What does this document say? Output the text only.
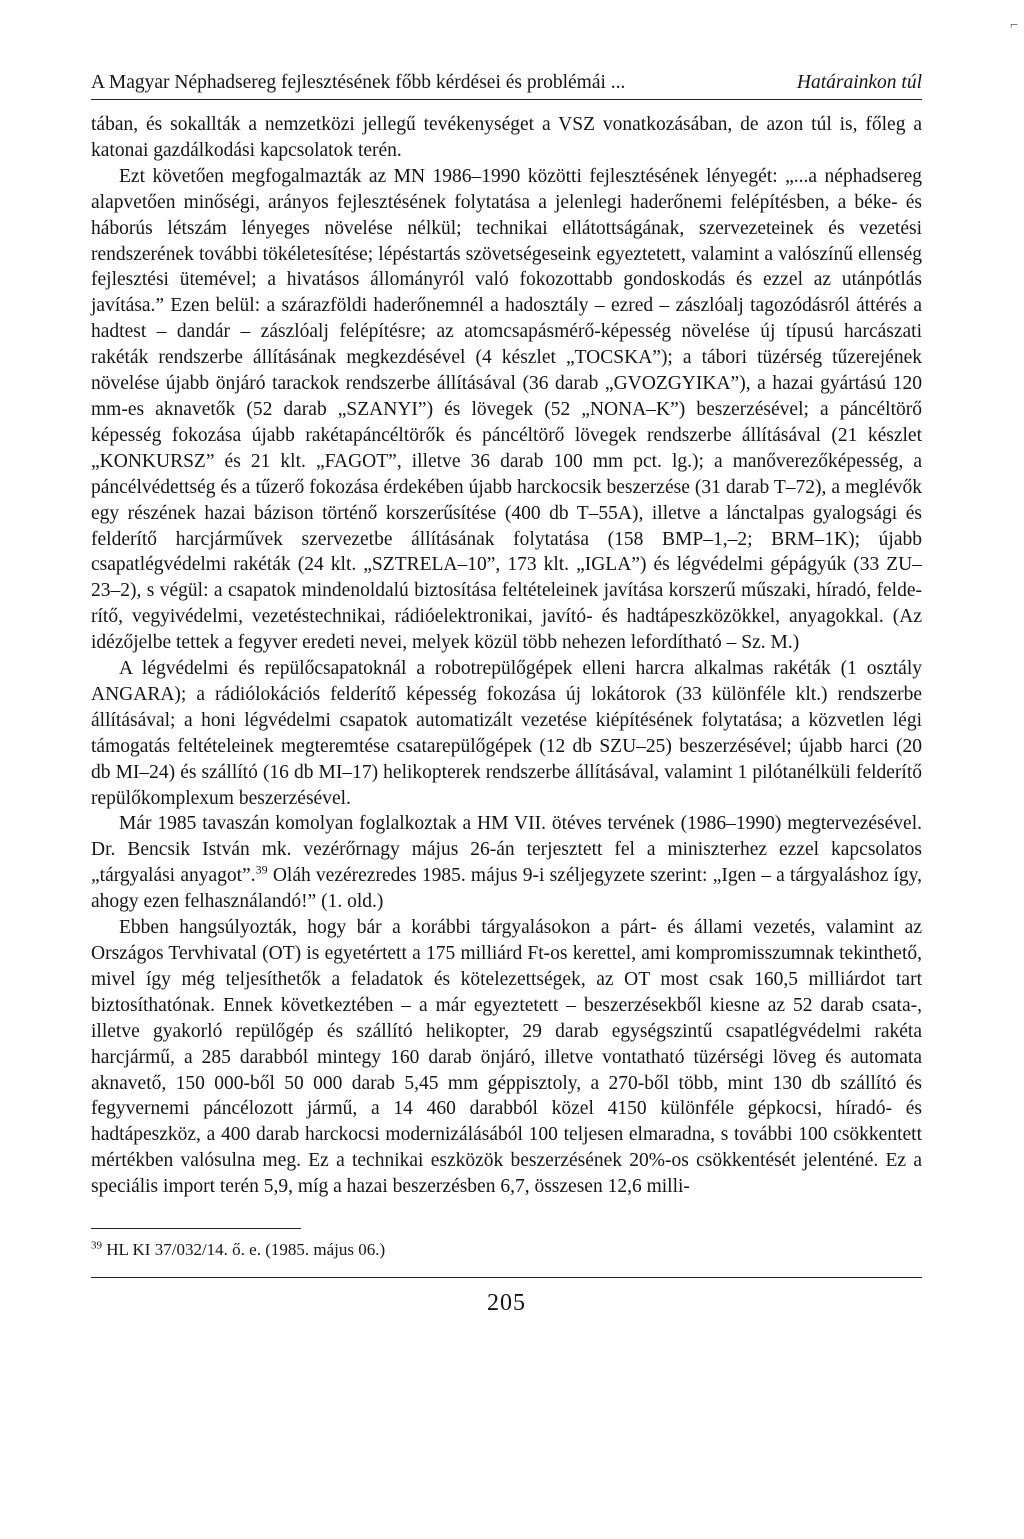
⌐
A Magyar Néphadsereg fejlesztésének főbb kérdései és problémái ...	Határainkon túl

tában, és sokallták a nemzetközi jellegű tevékenységet a VSZ vonatkozásában, de azon túl is, főleg a katonai gazdálkodási kapcsolatok terén.

Ezt követően megfogalmazták az MN 1986–1990 közötti fejlesztésének lényegét: „...a néphadsereg alapvetően minőségi, arányos fejlesztésének folytatása a jelenlegi haderőnemi felépítésben, a béke- és háborús létszám lényeges növelése nélkül; technikai ellátottságának, szervezeteinek és vezetési rendszerének további tökéletesítése; lépéstartás szövetségeseink egyeztetett, valamint a valószínű ellenség fejlesztési ütemével; a hivatásos állományról való fokozottabb gondoskodás és ezzel az utánpótlás javítása.” Ezen belül: a szárazföldi haderőnemnél a hadosztály – ezred – zászlóalj tagozódásról áttérés a hadtest – dandár – zászlóalj felépítésre; az atomcsapásmérő-képesség növelése új típusú harcászati rakéták rendszerbe állításának megkezdésével (4 készlet „TOCSKA”); a tábori tüzérség tűzerejének növelése újabb önjáró tarackok rendszerbe állításával (36 darab „GVOZGYIKA”), a hazai gyártású 120 mm-es aknavetők (52 darab „SZANYI”) és lövegek (52 „NONA–K”) beszerzésével; a páncéltörő képesség fokozása újabb rakétapáncéltörők és páncéltörő lövegek rendszerbe állításával (21 készlet „KONKURSZ” és 21 klt. „FAGOT”, illetve 36 darab 100 mm pct. lg.); a manőverezőképesség, a páncélvédettség és a tűzerő fokozása érdekében újabb harckocsik beszerzése (31 darab T–72), a meglévők egy részének hazai bázison történő korszerűsítése (400 db T–55A), illetve a lánctalpas gyalogsági és felderítő harcjárművek szervezetbe állításának folytatása (158 BMP–1,–2; BRM–1K); újabb csapatlégvédelmi rakéták (24 klt. „SZTRELA–10”, 173 klt. „IGLA”) és légvédelmi gépágyúk (33 ZU–23–2), s végül: a csapatok mindenoldalú biztosítása feltételeinek javítása korszerű műszaki, híradó, felderítő, vegyivédelmi, vezetéstechnikai, rádióelektronikai, javító- és hadtápeszközökkel, anyagokkal. (Az idézőjelbe tettek a fegyver eredeti nevei, melyek közül több nehezen lefordítható – Sz. M.)

A légvédelmi és repülőcsapatoknál a robotrepülőgépek elleni harcra alkalmas rakéták (1 osztály ANGARA); a rádiólokációs felderítő képesség fokozása új lokátorok (33 különféle klt.) rendszerbe állításával; a honi légvédelmi csapatok automatizált vezetése kiépítésének folytatása; a közvetlen légi támogatás feltételeinek megteremtése csatarepülőgépek (12 db SZU–25) beszerzésével; újabb harci (20 db MI–24) és szállító (16 db MI–17) helikopterek rendszerbe állításával, valamint 1 pilótanélküli felderítő repülőkomplexum beszerzésével.

Már 1985 tavaszán komolyan foglalkoztak a HM VII. ötéves tervének (1986–1990) megtervezésével. Dr. Bencsik István mk. vezérőrnagy május 26-án terjesztett fel a miniszterhez ezzel kapcsolatos „tárgyalási anyagot”.$^{39}$ Oláh vezérezredes 1985. május 9-i széljegyzete szerint: „Igen – a tárgyaláshoz így, ahogy ezen felhasználandó!” (1. old.)

Ebben hangsúlyozták, hogy bár a korábbi tárgyalásokon a párt- és állami vezetés, valamint az Országos Tervhivatal (OT) is egyetértett a 175 milliárd Ft-os kerettel, ami kompromisszumnak tekinthető, mivel így még teljesíthetők a feladatok és kötelezettségek, az OT most csak 160,5 milliárdot tart biztosíthatónak. Ennek következtében – a már egyeztetett – beszerzésekből kiesne az 52 darab csata-, illetve gyakorló repülőgép és szállító helikopter, 29 darab egységszintű csapatlégvédelmi rakéta harcjármű, a 285 darabból mintegy 160 darab önjáró, illetve vontatható tüzérségi löveg és automata aknavető, 150 000-ből 50 000 darab 5,45 mm géppisztoly, a 270-ből több, mint 130 db szállító és fegyvernemi páncélozott jármű, a 14 460 darabból közel 4150 különféle gépkocsi, híradó- és hadtápeszköz, a 400 darab harckocsi modernizálásából 100 teljesen elmaradna, s további 100 csökkentett mértékben valósulna meg. Ez a technikai eszközök beszerzésének 20%-os csökkentését jelenténé. Ez a speciális import terén 5,9, míg a hazai beszerzésben 6,7, összesen 12,6 milli-

$^{39}$ HL KI 37/032/14. ő. e. (1985. május 06.)
205
